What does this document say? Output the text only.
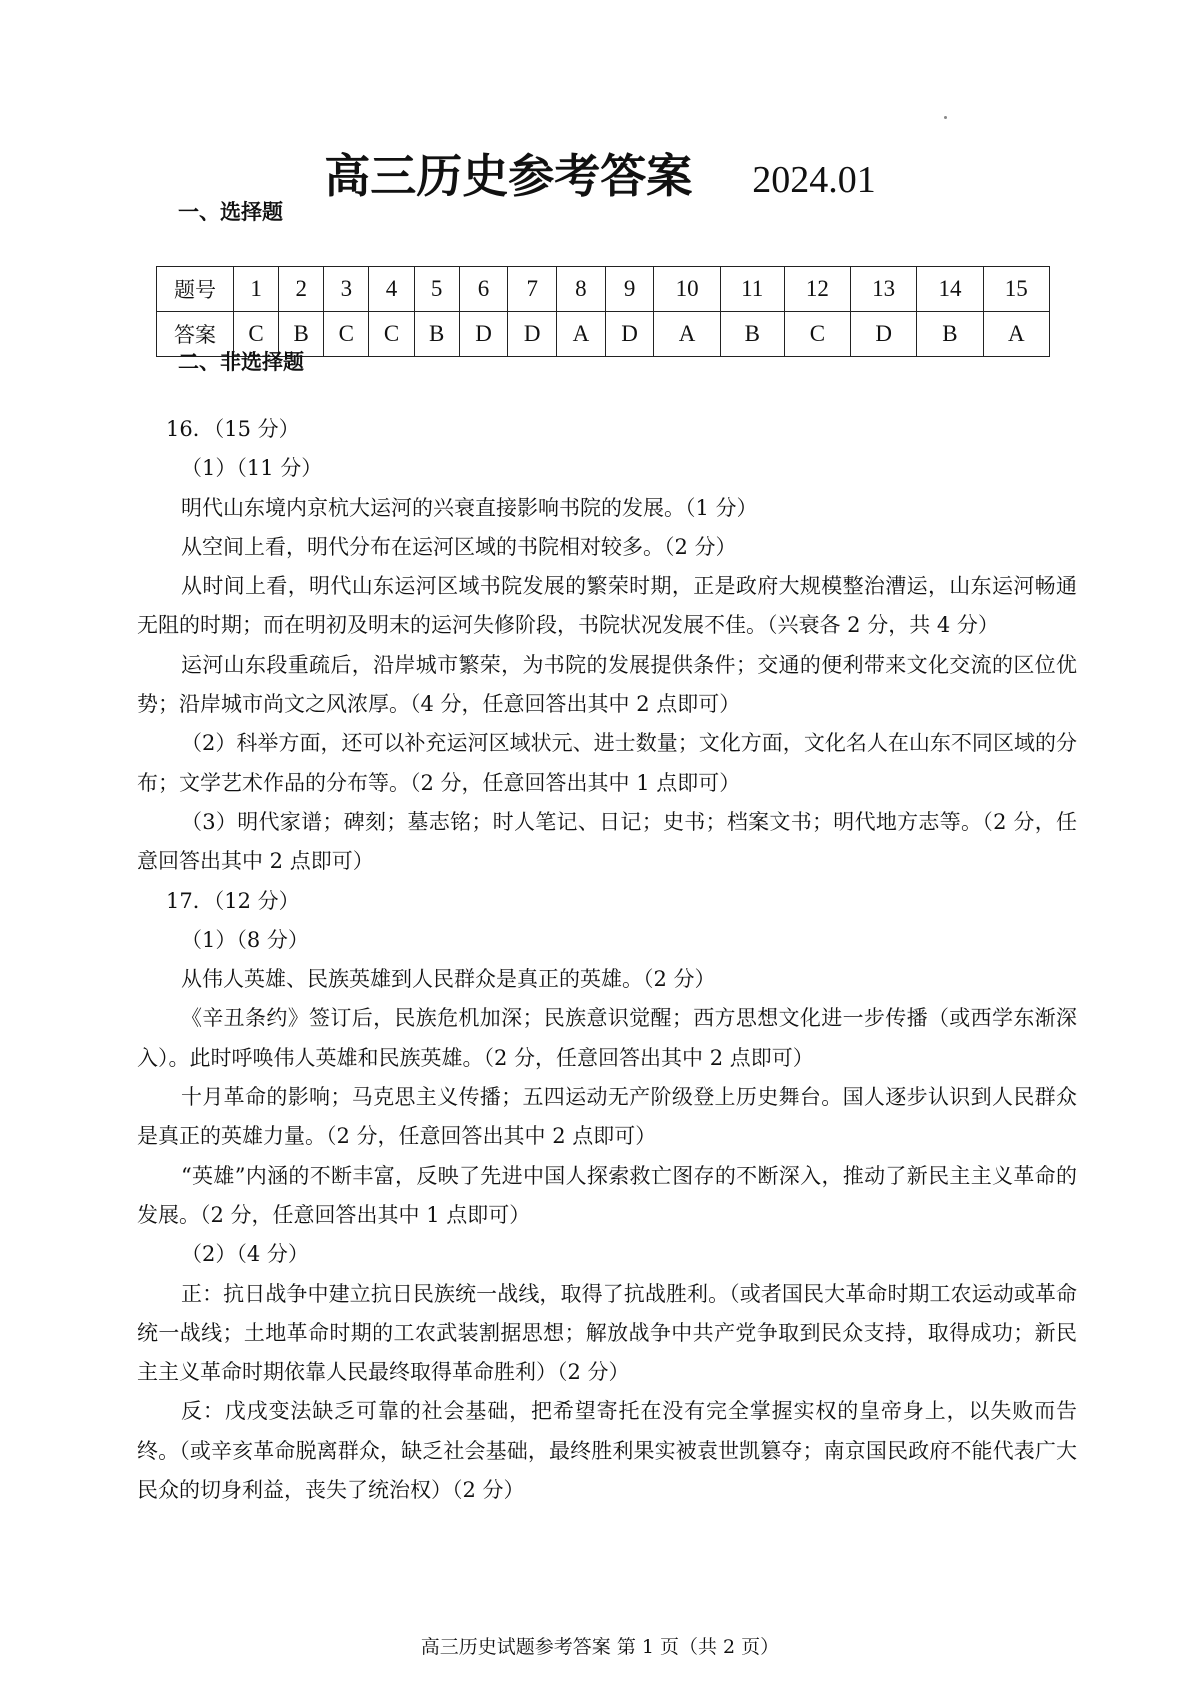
高三历史参考答案 2024.01
一、选择题
题号	1	2	3	4	5	6	7	8	9	10	11	12	13	14	15
答案	C	B	C	C	B	D	D	A	D	A	B	C	D	B	A
二、非选择题

16．（15 分）

（1）（11 分）

明代山东境内京杭大运河的兴衰直接影响书院的发展。（1 分）

从空间上看，明代分布在运河区域的书院相对较多。（2 分）

从时间上看，明代山东运河区域书院发展的繁荣时期，正是政府大规模整治漕运，山东运河畅通无阻的时期；而在明初及明末的运河失修阶段，书院状况发展不佳。（兴衰各 2 分，共 4 分）

运河山东段重疏后，沿岸城市繁荣，为书院的发展提供条件；交通的便利带来文化交流的区位优势；沿岸城市尚文之风浓厚。（4 分，任意回答出其中 2 点即可）

（2）科举方面，还可以补充运河区域状元、进士数量；文化方面，文化名人在山东不同区域的分布；文学艺术作品的分布等。（2 分，任意回答出其中 1 点即可）

（3）明代家谱；碑刻；墓志铭；时人笔记、日记；史书；档案文书；明代地方志等。（2 分，任意回答出其中 2 点即可）

17．（12 分）

（1）（8 分）

从伟人英雄、民族英雄到人民群众是真正的英雄。（2 分）

《辛丑条约》签订后，民族危机加深；民族意识觉醒；西方思想文化进一步传播（或西学东渐深入）。此时呼唤伟人英雄和民族英雄。（2 分，任意回答出其中 2 点即可）

十月革命的影响；马克思主义传播；五四运动无产阶级登上历史舞台。国人逐步认识到人民群众是真正的英雄力量。（2 分，任意回答出其中 2 点即可）

“英雄”内涵的不断丰富，反映了先进中国人探索救亡图存的不断深入，推动了新民主主义革命的发展。（2 分，任意回答出其中 1 点即可）

（2）（4 分）

正：抗日战争中建立抗日民族统一战线，取得了抗战胜利。（或者国民大革命时期工农运动或革命统一战线；土地革命时期的工农武装割据思想；解放战争中共产党争取到民众支持，取得成功；新民主主义革命时期依靠人民最终取得革命胜利）（2 分）

反：戊戌变法缺乏可靠的社会基础，把希望寄托在没有完全掌握实权的皇帝身上，以失败而告终。（或辛亥革命脱离群众，缺乏社会基础，最终胜利果实被袁世凯篡夺；南京国民政府不能代表广大民众的切身利益，丧失了统治权）（2 分）

高三历史试题参考答案 第 1 页（共 2 页）
